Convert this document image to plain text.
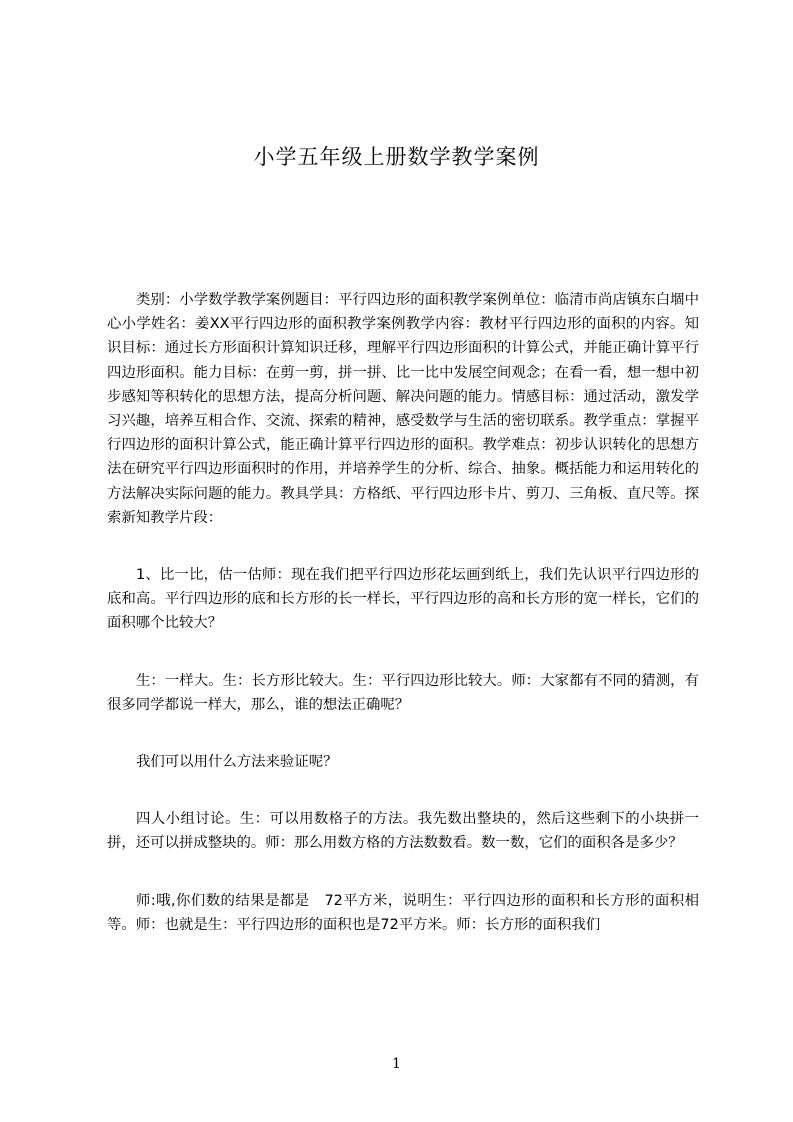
小学五年级上册数学教学案例

类别：小学数学教学案例题目：平行四边形的面积教学案例单位：临清市尚店镇东白堌中心小学姓名：姜XX平行四边形的面积教学案例教学内容：教材平行四边形的面积的内容。知识目标：通过长方形面积计算知识迁移，理解平行四边形面积的计算公式，并能正确计算平行四边形面积。能力目标：在剪一剪，拼一拼、比一比中发展空间观念；在看一看，想一想中初步感知等积转化的思想方法，提高分析问题、解决问题的能力。情感目标：通过活动，激发学习兴趣，培养互相合作、交流、探索的精神，感受数学与生活的密切联系。教学重点：掌握平行四边形的面积计算公式，能正确计算平行四边形的面积。教学难点：初步认识转化的思想方法在研究平行四边形面积时的作用，并培养学生的分析、综合、抽象。概括能力和运用转化的方法解决实际问题的能力。教具学具：方格纸、平行四边形卡片、剪刀、三角板、直尺等。探索新知教学片段：

1、比一比，估一估师：现在我们把平行四边形花坛画到纸上，我们先认识平行四边形的底和高。平行四边形的底和长方形的长一样长，平行四边形的高和长方形的宽一样长，它们的面积哪个比较大？

生：一样大。生：长方形比较大。生：平行四边形比较大。师：大家都有不同的猜测，有很多同学都说一样大，那么，谁的想法正确呢？

我们可以用什么方法来验证呢？

四人小组讨论。生：可以用数格子的方法。我先数出整块的，然后这些剩下的小块拼一拼，还可以拼成整块的。师：那么用数方格的方法数数看。数一数，它们的面积各是多少？

师:哦,你们数的结果是都是　72平方米，说明生：平行四边形的面积和长方形的面积相等。师：也就是生：平行四边形的面积也是72平方米。师：长方形的面积我们

1
